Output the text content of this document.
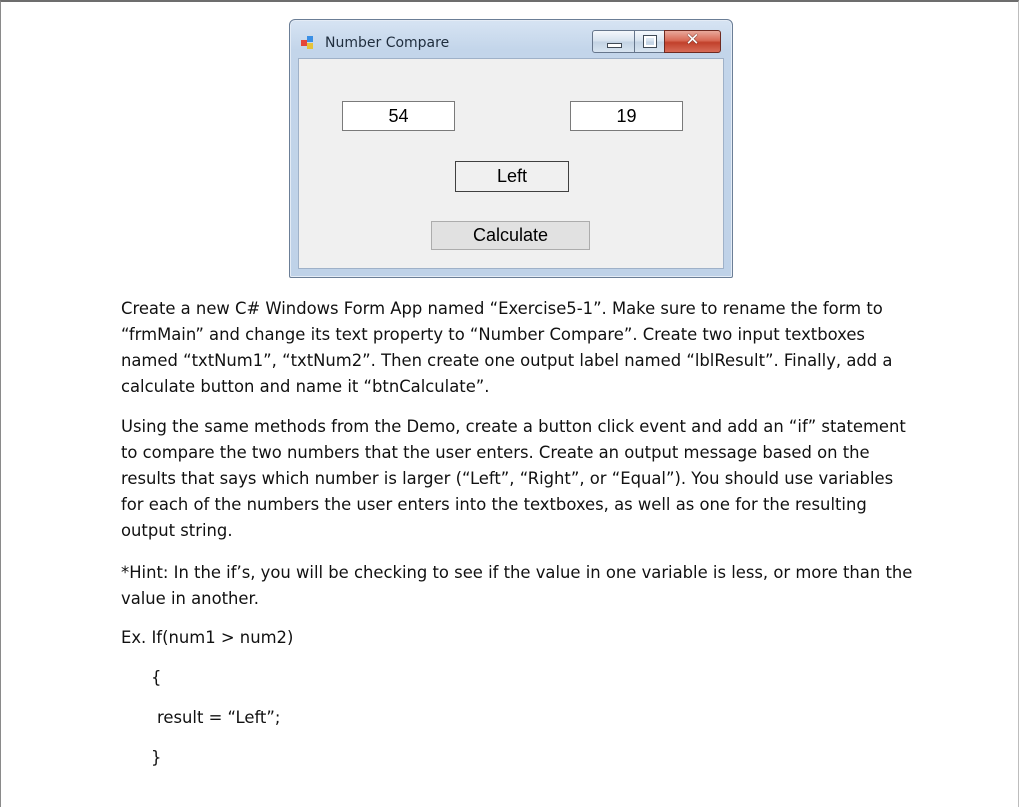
Number Compare	✕
54
19
Left
Calculate

Create a new C# Windows Form App named “Exercise5-1”. Make sure to rename the form to
“frmMain” and change its text property to “Number Compare”. Create two input textboxes
named “txtNum1”, “txtNum2”. Then create one output label named “lblResult”. Finally, add a
calculate button and name it “btnCalculate”.

Using the same methods from the Demo, create a button click event and add an “if” statement
to compare the two numbers that the user enters. Create an output message based on the
results that says which number is larger (“Left”, “Right”, or “Equal”). You should use variables
for each of the numbers the user enters into the textboxes, as well as one for the resulting
output string.

*Hint: In the if’s, you will be checking to see if the value in one variable is less, or more than the
value in another.

Ex. If(num1 > num2)

{

result = “Left”;

}
